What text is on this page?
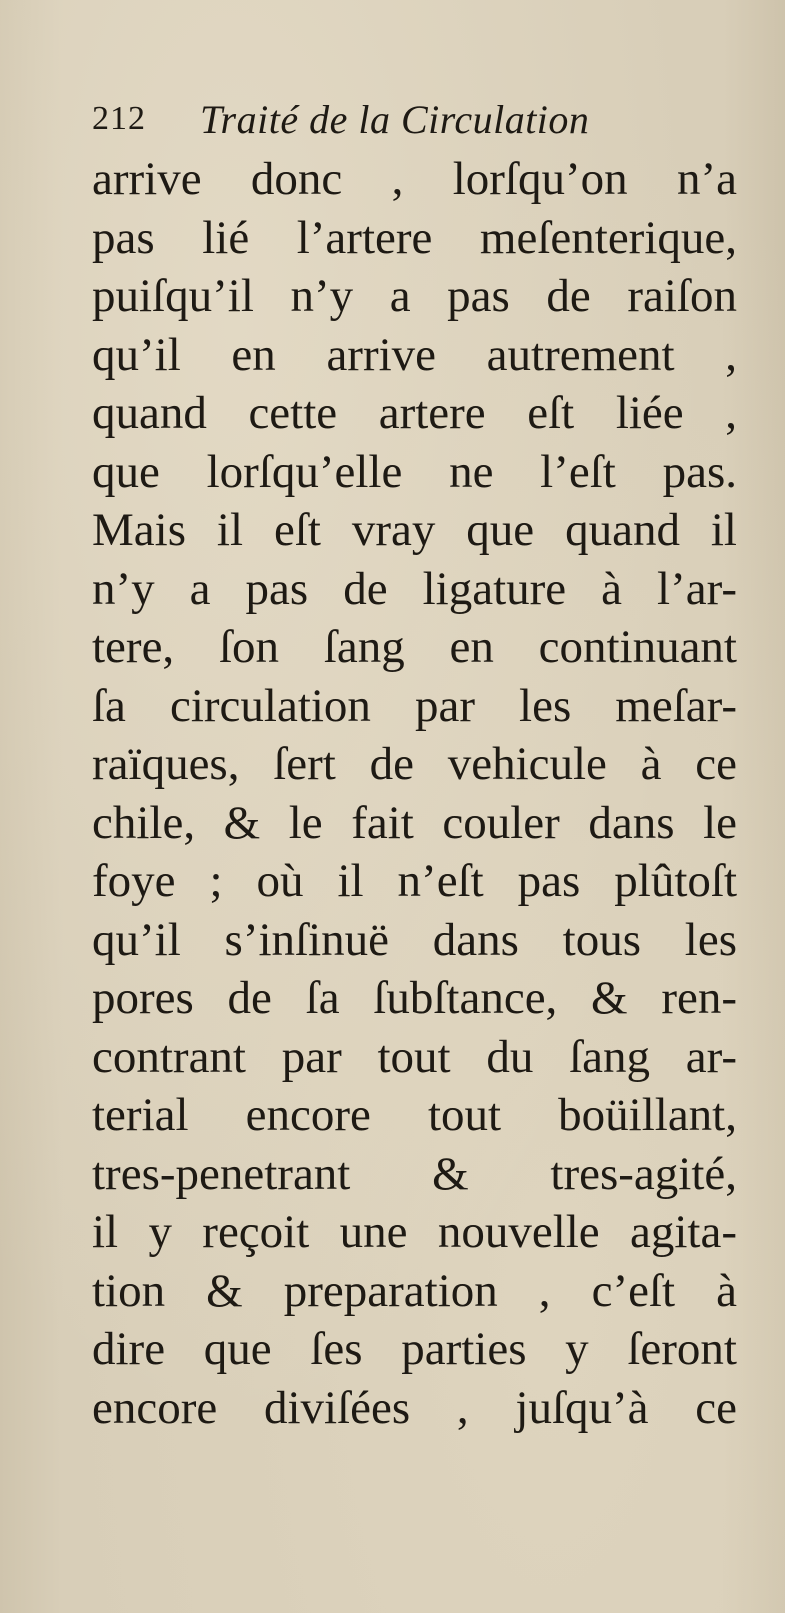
212 Traité de la Circulation
arrive donc , lorſqu’on n’a
pas lié l’artere meſenterique,
puiſqu’il n’y a pas de raiſon
qu’il en arrive autrement ,
quand cette artere eſt liée ,
que lorſqu’elle ne l’eſt pas.
Mais il eſt vray que quand il
n’y a pas de ligature à l’ar-
tere, ſon ſang en continuant
ſa circulation par les meſar-
raïques, ſert de vehicule à ce
chile, & le fait couler dans le
foye ; où il n’eſt pas plûtoſt
qu’il s’inſinuë dans tous les
pores de ſa ſubſtance, & ren-
contrant par tout du ſang ar-
terial encore tout boüillant,
tres-penetrant & tres-agité,
il y reçoit une nouvelle agita-
tion & preparation , c’eſt à
dire que ſes parties y ſeront
encore diviſées , juſqu’à ce
